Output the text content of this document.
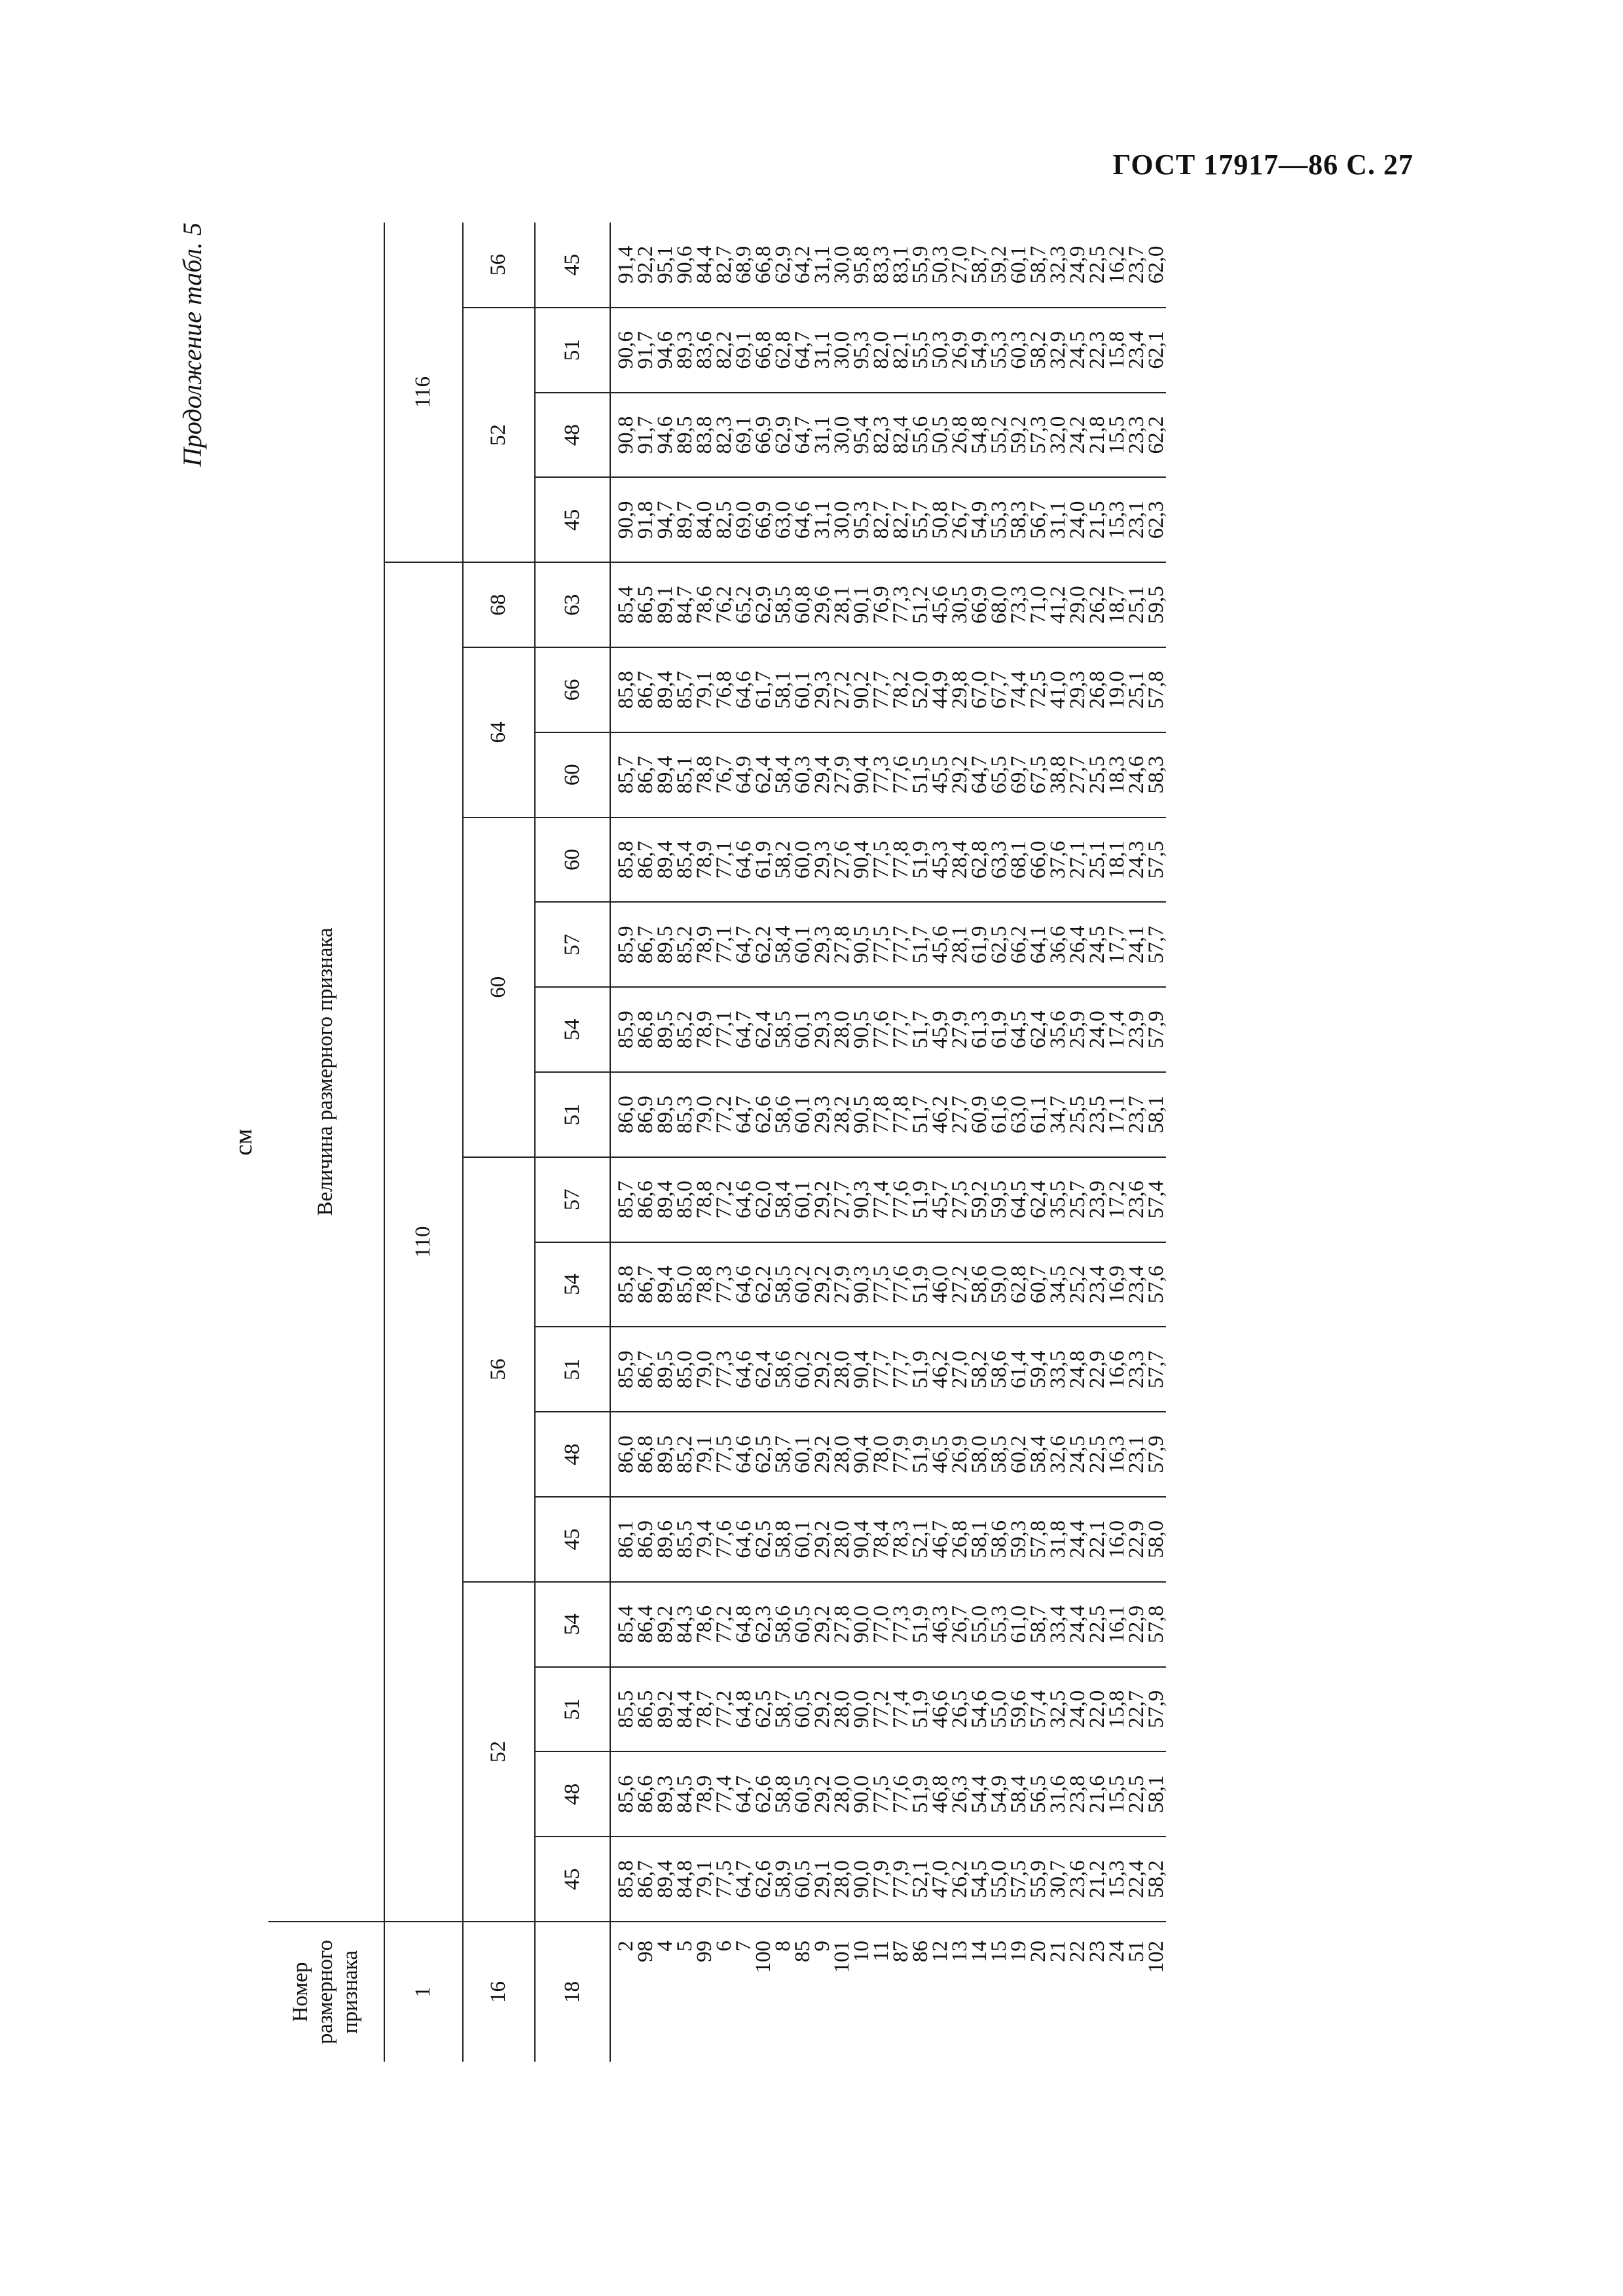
ГОСТ 17917—86 С. 27

Продолжение табл. 5

см

Номер размерного признака	Величина размерного признака																			
1	110																116			
16	52				56					60				64		68	52			56
18	45	48	51	54	45	48	51	54	57	51	54	57	60	60	66	63	45	48	51	45
2	85,8	85,6	85,5	85,4	86,1	86,0	85,9	85,8	85,7	86,0	85,9	85,9	85,8	85,7	85,8	85,4	90,9	90,8	90,6	91,4
98	86,7	86,6	86,5	86,4	86,9	86,8	86,7	86,7	86,6	86,9	86,8	86,7	86,7	86,7	86,7	86,5	91,8	91,7	91,7	92,2
4	89,4	89,3	89,2	89,2	89,6	89,5	89,5	89,4	89,4	89,5	89,5	89,5	89,4	89,4	89,4	89,1	94,7	94,6	94,6	95,1
5	84,8	84,5	84,4	84,3	85,5	85,2	85,0	85,0	85,0	85,3	85,2	85,2	85,4	85,1	85,7	84,7	89,7	89,5	89,3	90,6
99	79,1	78,9	78,7	78,6	79,4	79,1	79,0	78,8	78,8	79,0	78,9	78,9	78,9	78,8	79,1	78,6	84,0	83,8	83,6	84,4
6	77,5	77,4	77,2	77,2	77,6	77,5	77,3	77,3	77,2	77,2	77,1	77,1	77,1	76,7	76,8	76,2	82,5	82,3	82,2	82,7
7	64,7	64,7	64,8	64,8	64,6	64,6	64,6	64,6	64,6	64,7	64,7	64,7	64,6	64,9	64,6	65,2	69,0	69,1	69,1	68,9
100	62,6	62,6	62,5	62,3	62,5	62,5	62,4	62,2	62,0	62,6	62,4	62,2	61,9	62,4	61,7	62,9	66,9	66,9	66,8	66,8
8	58,9	58,8	58,7	58,6	58,8	58,7	58,6	58,5	58,4	58,6	58,5	58,4	58,2	58,4	58,1	58,5	63,0	62,9	62,8	62,9
85	60,5	60,5	60,5	60,5	60,1	60,1	60,2	60,2	60,1	60,1	60,1	60,1	60,0	60,3	60,1	60,8	64,6	64,7	64,7	64,2
9	29,1	29,2	29,2	29,2	29,2	29,2	29,2	29,2	29,2	29,3	29,3	29,3	29,3	29,4	29,3	29,6	31,1	31,1	31,1	31,1
101	28,0	28,0	28,0	27,8	28,0	28,0	28,0	27,9	27,7	28,2	28,0	27,8	27,6	27,9	27,2	28,1	30,0	30,0	30,0	30,0
10	90,0	90,0	90,0	90,0	90,4	90,4	90,4	90,3	90,3	90,5	90,5	90,5	90,4	90,4	90,2	90,1	95,3	95,4	95,3	95,8
11	77,9	77,5	77,2	77,0	78,4	78,0	77,7	77,5	77,4	77,8	77,6	77,5	77,5	77,3	77,7	76,9	82,7	82,3	82,0	83,3
87	77,9	77,6	77,4	77,3	78,3	77,9	77,7	77,6	77,6	77,8	77,7	77,7	77,8	77,6	78,2	77,3	82,7	82,4	82,1	83,1
86	52,1	51,9	51,9	51,9	52,1	51,9	51,9	51,9	51,9	51,7	51,7	51,7	51,9	51,5	52,0	51,2	55,7	55,6	55,5	55,9
12	47,0	46,8	46,6	46,3	46,7	46,5	46,2	46,0	45,7	46,2	45,9	45,6	45,3	45,5	44,9	45,6	50,8	50,5	50,3	50,3
13	26,2	26,3	26,5	26,7	26,8	26,9	27,0	27,2	27,5	27,7	27,9	28,1	28,4	29,2	29,8	30,5	26,7	26,8	26,9	27,0
14	54,5	54,4	54,6	55,0	58,1	58,0	58,2	58,6	59,2	60,9	61,3	61,9	62,8	64,7	67,0	66,9	54,9	54,8	54,9	58,7
15	55,0	54,9	55,0	55,3	58,6	58,5	58,6	59,0	59,5	61,6	61,9	62,5	63,3	65,5	67,7	68,0	55,3	55,2	55,3	59,2
19	57,5	58,4	59,6	61,0	59,3	60,2	61,4	62,8	64,5	63,0	64,5	66,2	68,1	69,7	74,4	73,3	58,3	59,2	60,3	60,1
20	55,9	56,5	57,4	58,7	57,8	58,4	59,4	60,7	62,4	61,1	62,4	64,1	66,0	67,5	72,5	71,0	56,7	57,3	58,2	58,7
21	30,7	31,6	32,5	33,4	31,8	32,6	33,5	34,5	35,5	34,7	35,6	36,6	37,6	38,8	41,0	41,2	31,1	32,0	32,9	32,3
22	23,6	23,8	24,0	24,4	24,4	24,5	24,8	25,2	25,7	25,5	25,9	26,4	27,1	27,7	29,3	29,0	24,0	24,2	24,5	24,9
23	21,2	21,6	22,0	22,5	22,1	22,5	22,9	23,4	23,9	23,5	24,0	24,5	25,1	25,5	26,8	26,2	21,5	21,8	22,3	22,5
24	15,3	15,5	15,8	16,1	16,0	16,3	16,6	16,9	17,2	17,1	17,4	17,7	18,1	18,3	19,0	18,7	15,3	15,5	15,8	16,2
51	22,4	22,5	22,7	22,9	22,9	23,1	23,3	23,4	23,6	23,7	23,9	24,1	24,3	24,6	25,1	25,1	23,1	23,3	23,4	23,7
102	58,2	58,1	57,9	57,8	58,0	57,9	57,7	57,6	57,4	58,1	57,9	57,7	57,5	58,3	57,8	59,5	62,3	62,2	62,1	62,0
